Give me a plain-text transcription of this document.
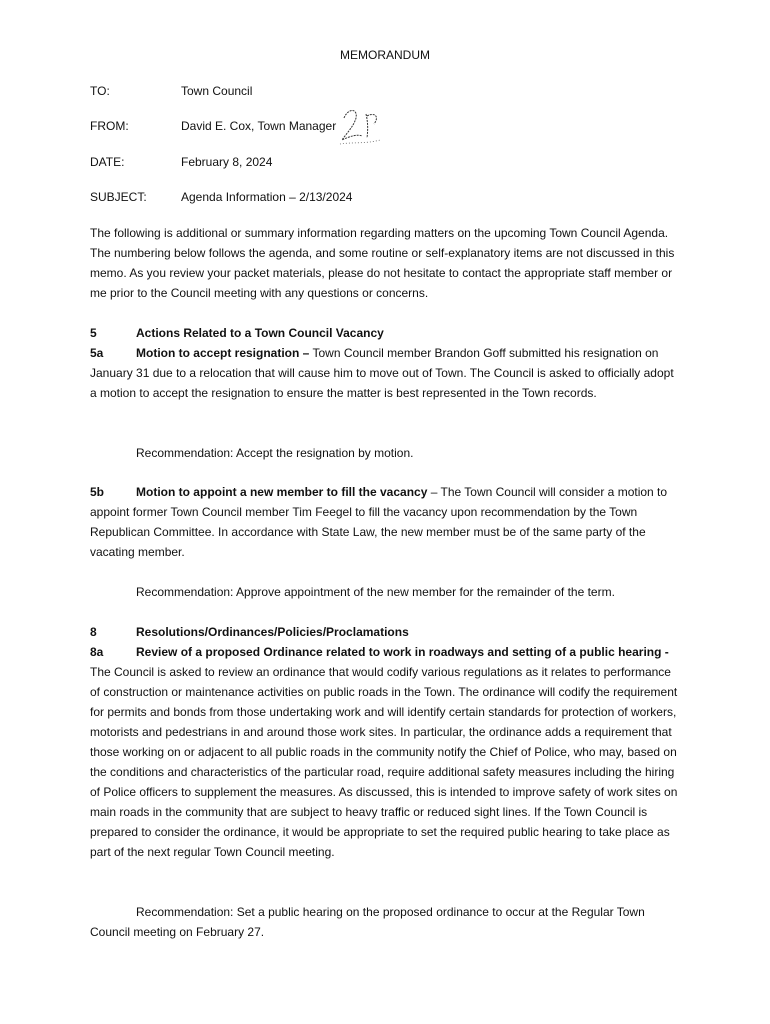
MEMORANDUM
TO:	Town Council
FROM:	David E. Cox, Town Manager
DATE:	February 8, 2024
SUBJECT:	Agenda Information – 2/13/2024

The following is additional or summary information regarding matters on the upcoming Town Council Agenda. The numbering below follows the agenda, and some routine or self-explanatory items are not discussed in this memo. As you review your packet materials, please do not hesitate to contact the appropriate staff member or me prior to the Council meeting with any questions or concerns.

5	Actions Related to a Town Council Vacancy
5a	Motion to accept resignation – Town Council member Brandon Goff submitted his resignation on January 31 due to a relocation that will cause him to move out of Town. The Council is asked to officially adopt a motion to accept the resignation to ensure the matter is best represented in the Town records.

Recommendation: Accept the resignation by motion.
5b	Motion to appoint a new member to fill the vacancy – The Town Council will consider a motion to appoint former Town Council member Tim Feegel to fill the vacancy upon recommendation by the Town Republican Committee. In accordance with State Law, the new member must be of the same party of the vacating member.

Recommendation: Approve appointment of the new member for the remainder of the term.
8	Resolutions/Ordinances/Policies/Proclamations
8a	Review of a proposed Ordinance related to work in roadways and setting of a public hearing - The Council is asked to review an ordinance that would codify various regulations as it relates to performance of construction or maintenance activities on public roads in the Town. The ordinance will codify the requirement for permits and bonds from those undertaking work and will identify certain standards for protection of workers, motorists and pedestrians in and around those work sites. In particular, the ordinance adds a requirement that those working on or adjacent to all public roads in the community notify the Chief of Police, who may, based on the conditions and characteristics of the particular road, require additional safety measures including the hiring of Police officers to supplement the measures. As discussed, this is intended to improve safety of work sites on main roads in the community that are subject to heavy traffic or reduced sight lines. If the Town Council is prepared to consider the ordinance, it would be appropriate to set the required public hearing to take place as part of the next regular Town Council meeting.

Recommendation: Set a public hearing on the proposed ordinance to occur at the Regular Town Council meeting on February 27.
